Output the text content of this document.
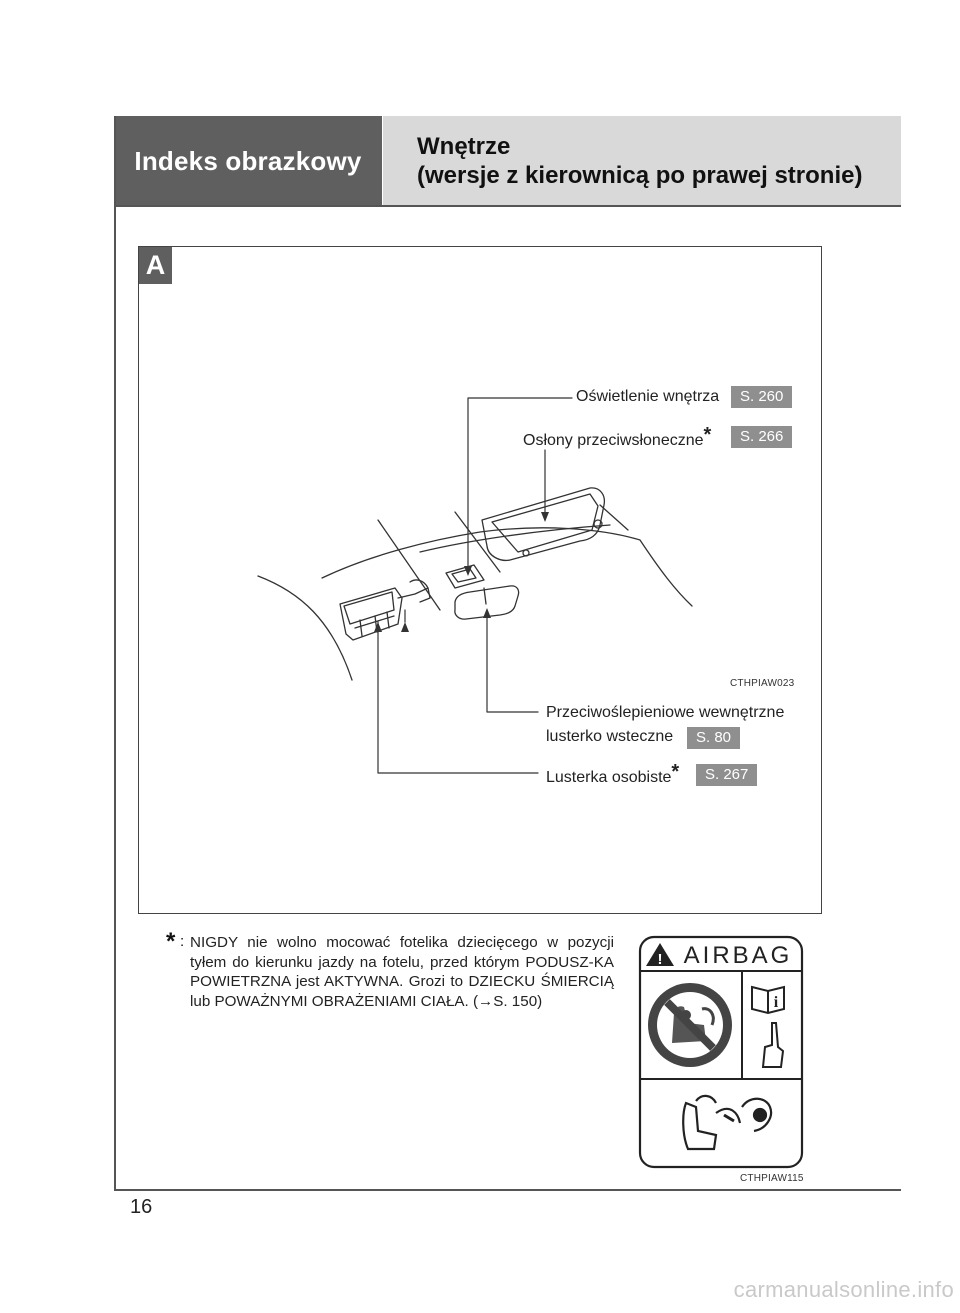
Indeks obrazkowy	Wnętrze
(wersje z kierownicą po prawej stronie)
A
Oświetlenie wnętrza	S. 260
Osłony przeciwsłoneczne*	S. 266
CTHPIAW023
Przeciwoślepieniowe wewnętrzne
lusterko wsteczne	S. 80
Lusterka osobiste*	S. 267
* : NIGDY nie wolno mocować fotelika dziecięcego w pozycji tyłem do kierunku jazdy na fotelu, przed którym PODUSZ-KA POWIETRZNA jest AKTYWNA. Grozi to DZIECKU ŚMIERCIĄ lub POWAŻNYMI OBRAŻENIAMI CIAŁA. (→S. 150)
! AIRBAG
i
CTHPIAW115
16
carmanualsonline.info
